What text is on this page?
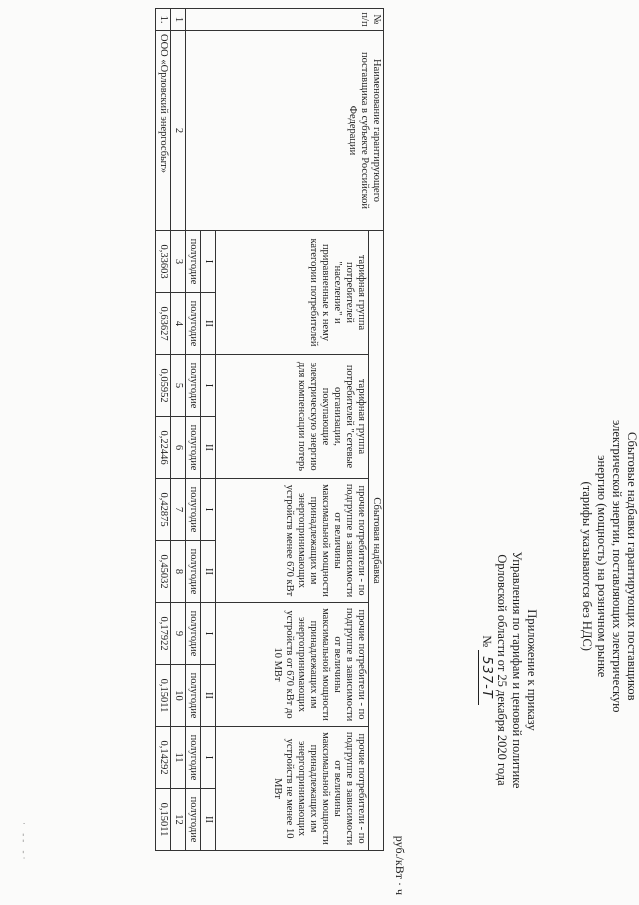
Приложение к приказу
Управления по тарифам и ценовой политике
Орловской области от 25 декабря 2020 года
№ 537-Т	Сбытовые надбавки гарантирующих поставщиков
электрической энергии, поставляющих электрическую
энергию (мощность) на розничном рынке
(тарифы указываются без НДС)
руб./кВт · ч
· -- -·
№ п/п	Наименование гарантирующего поставщика в субъекте Российской Федерации	Сбытовая надбавка									
		тарифная группа потребителей "население" и приравненные к нему категории потребителей		тарифная группа потребителей "сетевые организации, покупающие электрическую энергию для компенсации потерь		прочие потребители - по подгруппе в зависимости от величины максимальной мощности принадлежащих им энергопринимающих устройств менее 670 кВт		прочие потребители - по подгруппе в зависимости от величины максимальной мощности принадлежащих им энергопринимающих устройств от 670 кВт до 10 МВт		прочие потребители - по подгруппе в зависимости от величины максимальной мощности принадлежащих им энергопринимающих устройств не менее 10 МВт	
		I	II	I	II	I	II	I	II	I	II
		полугодие	полугодие	полугодие	полугодие	полугодие	полугодие	полугодие	полугодие	полугодие	полугодие
1	2	3	4	5	6	7	8	9	10	11	12
1.	ООО «Орловский энергосбыт»	0,33603	0,63627	0,05952	0,22446	0,42875	0,45032	0,17922	0,15011	0,14292	0,15011
